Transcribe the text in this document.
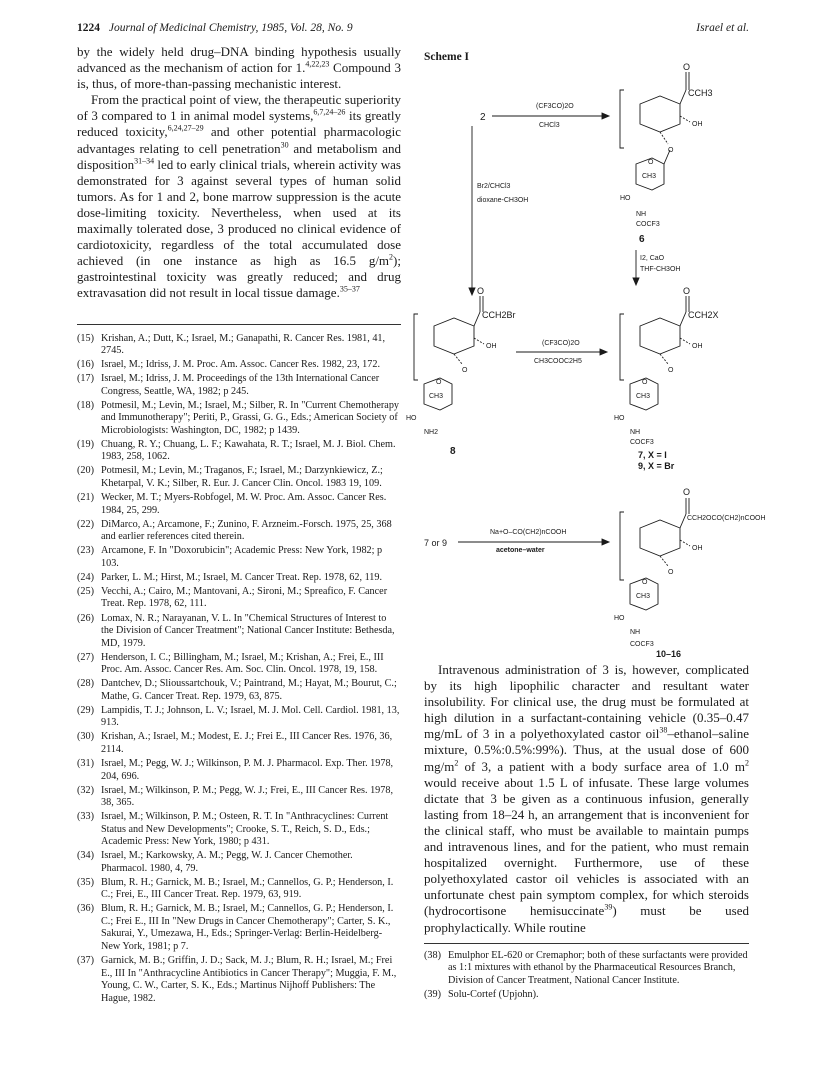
1224 Journal of Medicinal Chemistry, 1985, Vol. 28, No. 9	Israel et al.

by the widely held drug–DNA binding hypothesis usually advanced as the mechanism of action for 1.$^{4,22,23}$ Compound 3 is, thus, of more-than-passing mechanistic interest.

From the practical point of view, the therapeutic superiority of 3 compared to 1 in animal model systems,$^{6,7,24-26}$ its greatly reduced toxicity,$^{6,24,27-29}$ and other potential pharmacologic advantages relating to cell penetration$^{30}$ and metabolism and disposition$^{31-34}$ led to early clinical trials, wherein activity was demonstrated for 3 against several types of human solid tumors. As for 1 and 2, bone marrow suppression is the acute dose-limiting toxicity. Nevertheless, when used at its maximally tolerated dose, 3 produced no clinical evidence of cardiotoxicity, regardless of the total accumulated dose achieved (in one instance as high as 16.5 $g/m^2$); gastrointestinal toxicity was greatly reduced; and drug extravasation did not result in local tissue damage.$^{35-37}$

(15) Krishan, A.; Dutt, K.; Israel, M.; Ganapathi, R. Cancer Res. 1981, 41, 2745.
(16) Israel, M.; Idriss, J. M. Proc. Am. Assoc. Cancer Res. 1982, 23, 172.
(17) Israel, M.; Idriss, J. M. Proceedings of the 13th International Cancer Congress, Seattle, WA, 1982; p 245.
(18) Potmesil, M.; Levin, M.; Israel, M.; Silber, R. In "Current Chemotherapy and Immunotherapy"; Periti, P., Grassi, G. G., Eds.; American Society of Microbiologists: Washington, DC, 1982; p 1439.
(19) Chuang, R. Y.; Chuang, L. F.; Kawahata, R. T.; Israel, M. J. Biol. Chem. 1983, 258, 1062.
(20) Potmesil, M.; Levin, M.; Traganos, F.; Israel, M.; Darzynkiewicz, Z.; Khetarpal, V. K.; Silber, R. Eur. J. Cancer Clin. Oncol. 1983 19, 109.
(21) Wecker, M. T.; Myers-Robfogel, M. W. Proc. Am. Assoc. Cancer Res. 1984, 25, 299.
(22) DiMarco, A.; Arcamone, F.; Zunino, F. Arzneim.-Forsch. 1975, 25, 368 and earlier references cited therein.
(23) Arcamone, F. In "Doxorubicin"; Academic Press: New York, 1982; p 103.
(24) Parker, L. M.; Hirst, M.; Israel, M. Cancer Treat. Rep. 1978, 62, 119.
(25) Vecchi, A.; Cairo, M.; Mantovani, A.; Sironi, M.; Spreafico, F. Cancer Treat. Rep. 1978, 62, 111.
(26) Lomax, N. R.; Narayanan, V. L. In "Chemical Structures of Interest to the Division of Cancer Treatment"; National Cancer Institute: Bethesda, MD, 1979.
(27) Henderson, I. C.; Billingham, M.; Israel, M.; Krishan, A.; Frei, E., III Proc. Am. Assoc. Cancer Res. Am. Soc. Clin. Oncol. 1978, 19, 158.
(28) Dantchev, D.; Slioussartchouk, V.; Paintrand, M.; Hayat, M.; Bourut, C.; Mathe, G. Cancer Treat. Rep. 1979, 63, 875.
(29) Lampidis, T. J.; Johnson, L. V.; Israel, M. J. Mol. Cell. Cardiol. 1981, 13, 913.
(30) Krishan, A.; Israel, M.; Modest, E. J.; Frei E., III Cancer Res. 1976, 36, 2114.
(31) Israel, M.; Pegg, W. J.; Wilkinson, P. M. J. Pharmacol. Exp. Ther. 1978, 204, 696.
(32) Israel, M.; Wilkinson, P. M.; Pegg, W. J.; Frei, E., III Cancer Res. 1978, 38, 365.
(33) Israel, M.; Wilkinson, P. M.; Osteen, R. T. In "Anthracyclines: Current Status and New Developments"; Crooke, S. T., Reich, S. D., Eds.; Academic Press: New York, 1980; p 431.
(34) Israel, M.; Karkowsky, A. M.; Pegg, W. J. Cancer Chemother. Pharmacol. 1980, 4, 79.
(35) Blum, R. H.; Garnick, M. B.; Israel, M.; Cannellos, G. P.; Henderson, I. C.; Frei, E., III Cancer Treat. Rep. 1979, 63, 919.
(36) Blum, R. H.; Garnick, M. B.; Israel, M.; Cannellos, G. P.; Henderson, I. C.; Frei E., III In "New Drugs in Cancer Chemotherapy"; Carter, S. K., Sakurai, Y., Umezawa, H., Eds.; Springer-Verlag: Berlin-Heidelberg-New York, 1981; p 7.
(37) Garnick, M. B.; Griffin, J. D.; Sack, M. J.; Blum, R. H.; Israel, M.; Frei E., III In "Anthracycline Antibiotics in Cancer Therapy"; Muggia, F. M., Young, C. W., Carter, S. K., Eds.; Martinus Nijhoff Publishers: The Hague, 1982.
Scheme I
2
(CF3CO)2O
CHCl3
Br2/CHCl3
dioxane-CH3OH
O
CCH3
OH
O
O
CH3
HO
NH
COCF3
6
I2, CaO
THF-CH3OH
O
CCH2Br
OH
O
O
CH3
HO
NH2
8
(CF3CO)2O
CH3COOC2H5
O
CCH2X
OH
O
O
CH3
HO
NH
COCF3
7, X = I
9, X = Br
7 or 9
Na+O–CO(CH2)nCOOH
acetone–water
O
CCH2OCO(CH2)nCOOH
OH
O
O
CH3
HO
NH
COCF3
10–16

Intravenous administration of 3 is, however, complicated by its high lipophilic character and resultant water insolubility. For clinical use, the drug must be formulated at high dilution in a surfactant-containing vehicle (0.35–0.47 mg/mL of 3 in a polyethoxylated castor oil$^{38}$–ethanol–saline mixture, 0.5%:0.5%:99%). Thus, at the usual dose of 600 $mg/m^2$ of 3, a patient with a body surface area of 1.0 $m^2$ would receive about 1.5 L of infusate. These large volumes dictate that 3 be given as a continuous infusion, generally lasting from 18–24 h, an arrangement that is inconvenient for the clinical staff, who must be available to maintain pumps and intravenous lines, and for the patient, who must remain hospitalized overnight. Furthermore, use of these polyethoxylated castor oil vehicles is associated with an unfortunate chest pain symptom complex, for which steroids (hydrocortisone hemisuccinate$^{39}$) must be used prophylactically. While routine

(38) Emulphor EL-620 or Cremaphor; both of these surfactants were provided as 1:1 mixtures with ethanol by the Pharmaceutical Resources Branch, Division of Cancer Treatment, National Cancer Institute.
(39) Solu-Cortef (Upjohn).
